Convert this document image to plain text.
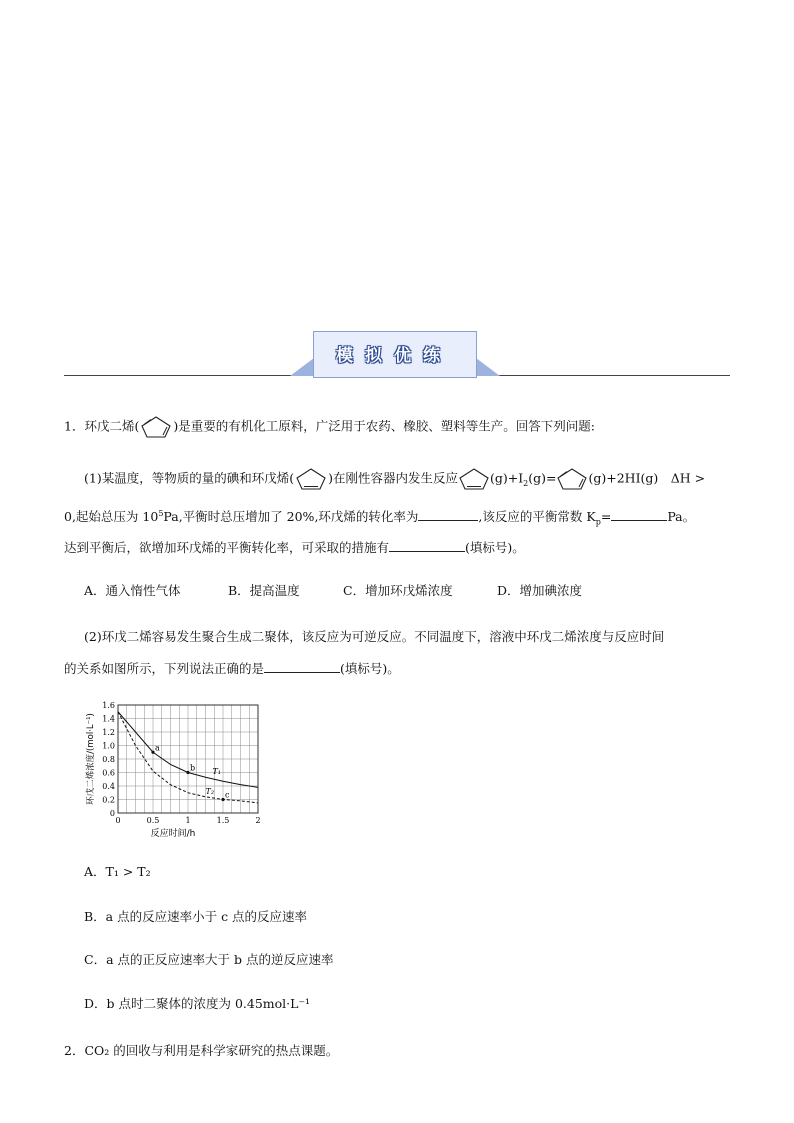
模拟优练
1．环戊二烯(	)是重要的有机化工原料，广泛用于农药、橡胶、塑料等生产。回答下列问题:
(1)某温度，等物质的量的碘和环戊烯(	)在刚性容器内发生反应	$(g)+I_2(g)=$	(g)+2HI(g)　ΔH >
0,起始总压为 $10^5Pa$,平衡时总压增加了 20%,环戊烯的转化率为	,该反应的平衡常数 $K_p=$	Pa。
达到平衡后，欲增加环戊烯的平衡转化率，可采取的措施有	(填标号)。
A．通入惰性气体	B．提高温度	C．增加环戊烯浓度	D．增加碘浓度
(2)环戊二烯容易发生聚合生成二聚体，该反应为可逆反应。不同温度下，溶液中环戊二烯浓度与反应时间
的关系如图所示，下列说法正确的是	(填标号)。
0
0.2
0.4
0.6
0.8
1.0
1.2
1.4
1.6
0	0.5	1	1.5	2
反应时间/h
环戊二烯浓度/(mol·L⁻¹)	T₁
T₂
a
b
c
A．T₁ > T₂
B．a 点的反应速率小于 c 点的反应速率
C．a 点的正反应速率大于 b 点的逆反应速率
D．b 点时二聚体的浓度为 0.45mol·L⁻¹
2．CO₂ 的回收与利用是科学家研究的热点课题。
